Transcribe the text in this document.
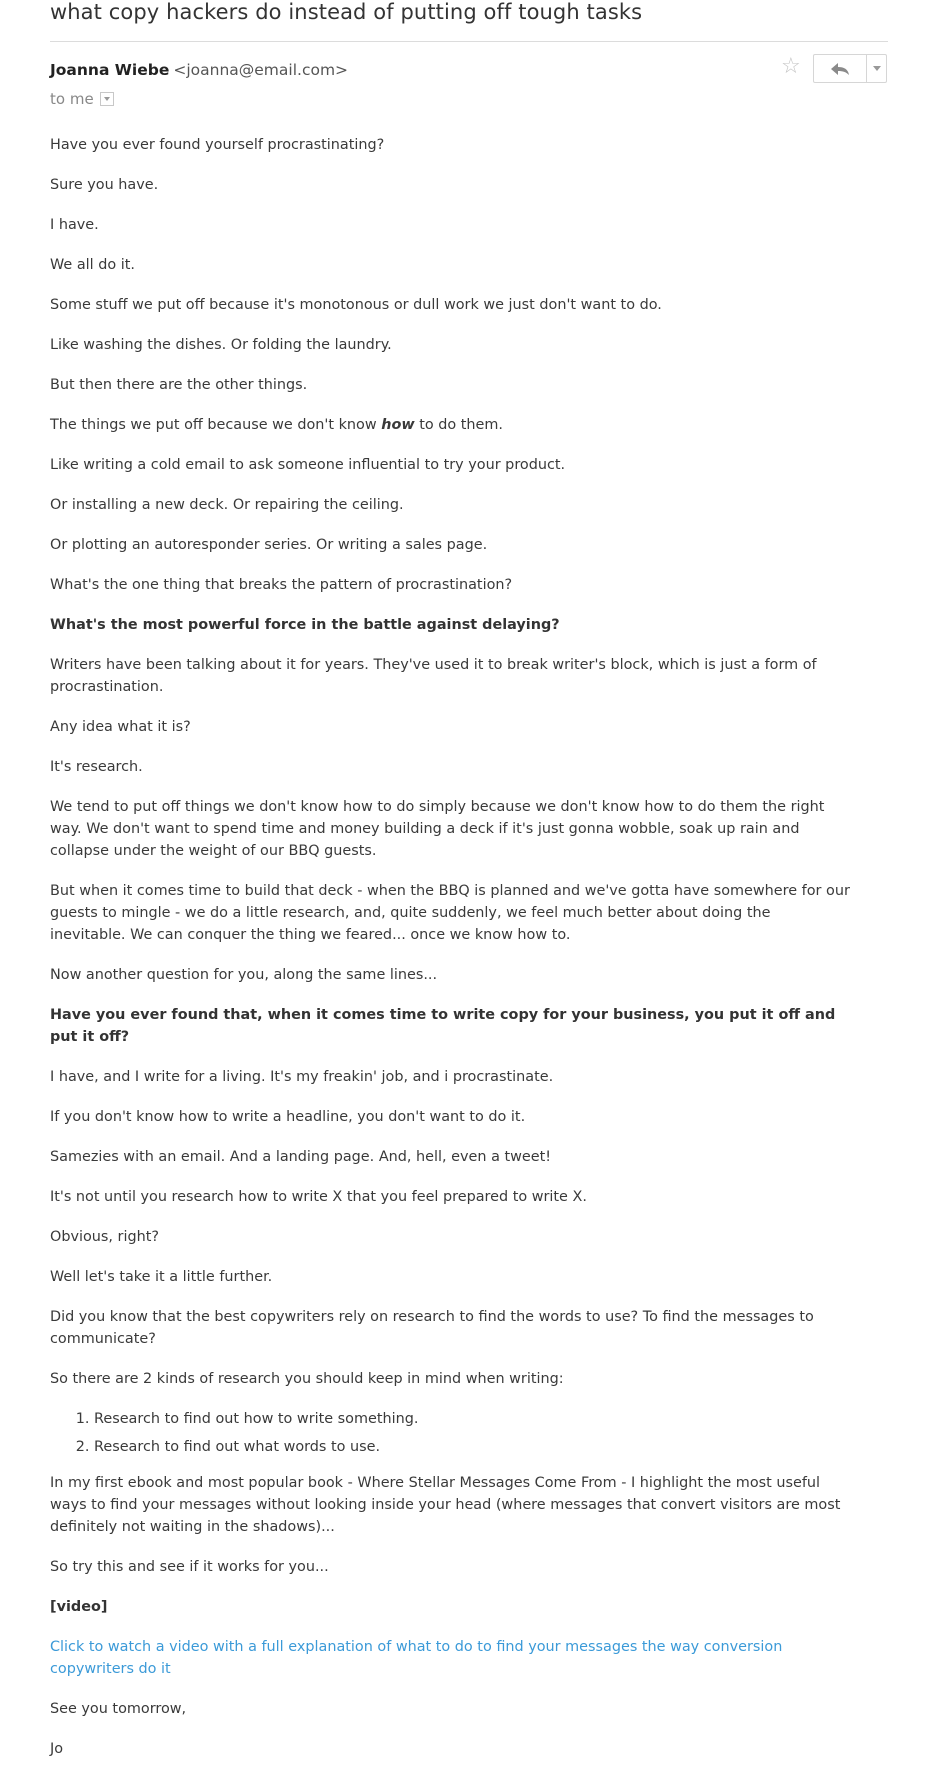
what copy hackers do instead of putting off tough tasks
Joanna Wiebe <joanna@email.com>
to me
☆

Have you ever found yourself procrastinating?

Sure you have.

I have.

We all do it.

Some stuff we put off because it's monotonous or dull work we just don't want to do.

Like washing the dishes. Or folding the laundry.

But then there are the other things.

The things we put off because we don't know how to do them.

Like writing a cold email to ask someone influential to try your product.

Or installing a new deck. Or repairing the ceiling.

Or plotting an autoresponder series. Or writing a sales page.

What's the one thing that breaks the pattern of procrastination?

What's the most powerful force in the battle against delaying?

Writers have been talking about it for years. They've used it to break writer's block, which is just a form of procrastination.

Any idea what it is?

It's research.

We tend to put off things we don't know how to do simply because we don't know how to do them the right way. We don't want to spend time and money building a deck if it's just gonna wobble, soak up rain and collapse under the weight of our BBQ guests.

But when it comes time to build that deck - when the BBQ is planned and we've gotta have somewhere for our guests to mingle - we do a little research, and, quite suddenly, we feel much better about doing the inevitable. We can conquer the thing we feared... once we know how to.

Now another question for you, along the same lines...

Have you ever found that, when it comes time to write copy for your business, you put it off and put it off?

I have, and I write for a living. It's my freakin' job, and i procrastinate.

If you don't know how to write a headline, you don't want to do it.

Samezies with an email. And a landing page. And, hell, even a tweet!

It's not until you research how to write X that you feel prepared to write X.

Obvious, right?

Well let's take it a little further.

Did you know that the best copywriters rely on research to find the words to use? To find the messages to communicate?

So there are 2 kinds of research you should keep in mind when writing:

1. Research to find out how to write something.
2. Research to find out what words to use.

In my first ebook and most popular book - Where Stellar Messages Come From - I highlight the most useful ways to find your messages without looking inside your head (where messages that convert visitors are most definitely not waiting in the shadows)...

So try this and see if it works for you...

[video]

Click to watch a video with a full explanation of what to do to find your messages the way conversion copywriters do it

See you tomorrow,

Jo
